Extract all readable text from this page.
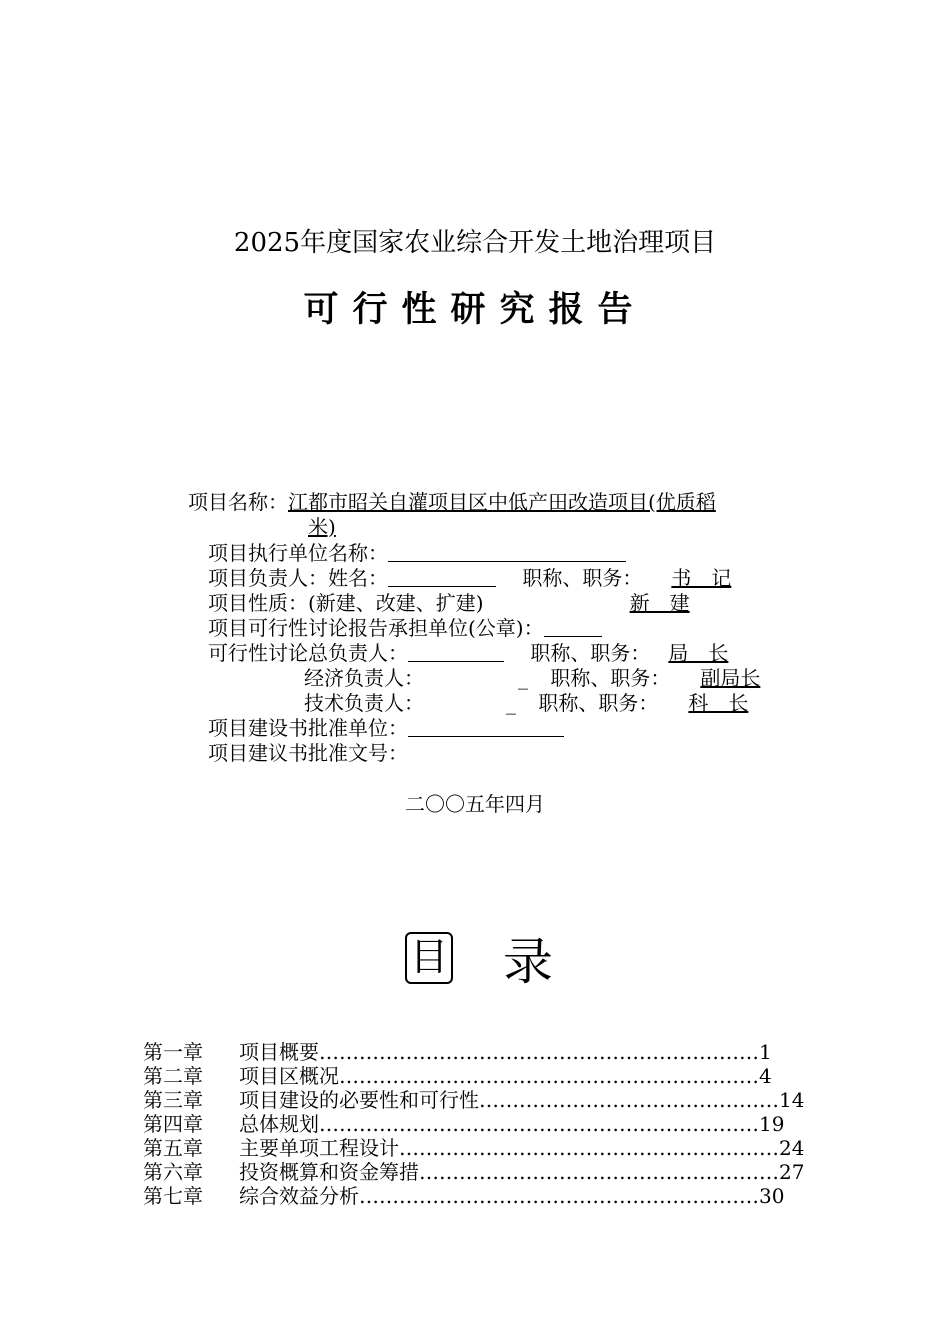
2025年度国家农业综合开发土地治理项目
可行性研究报告
项目名称：江都市昭关自灌项目区中低产田改造项目(优质稻
米)
项目执行单位名称：
项目负责人：姓名：	职称、职务： 书　记
项目性质：(新建、改建、扩建)	新　建
项目可行性讨论报告承担单位(公章)：
可行性讨论总负责人：	职称、职务： 局　长
经济负责人：	_ 职称、职务： 副局长
技术负责人：	_ 职称、职务： 科　长
项目建设书批准单位：
项目建议书批准文号：
二〇〇五年四月
目 录
第一章 项目概要…………………………………………………………1
第二章 项目区概况………………………………………………………4
第三章 项目建设的必要性和可行性………………………………………14
第四章 总体规划…………………………………………………………19
第五章 主要单项工程设计…………………………………………………24
第六章 投资概算和资金筹措………………………………………………27
第七章 综合效益分析……………………………………………………30
